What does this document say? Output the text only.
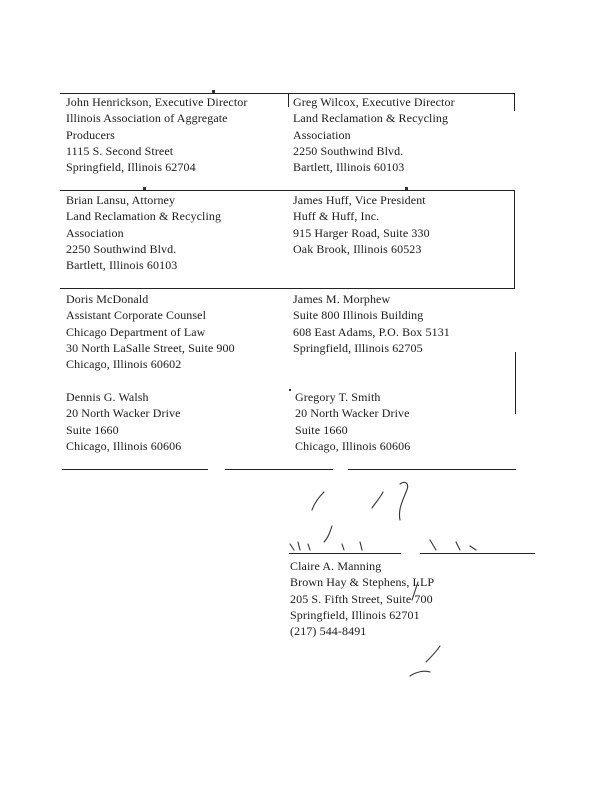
John Henrickson, Executive Director
Illinois Association of Aggregate
Producers
1115 S. Second Street
Springfield, Illinois 62704
Greg Wilcox, Executive Director
Land Reclamation & Recycling
Association
2250 Southwind Blvd.
Bartlett, Illinois 60103
Brian Lansu, Attorney
Land Reclamation & Recycling
Association
2250 Southwind Blvd.
Bartlett, Illinois 60103
James Huff, Vice President
Huff & Huff, Inc.
915 Harger Road, Suite 330
Oak Brook, Illinois 60523
Doris McDonald
Assistant Corporate Counsel
Chicago Department of Law
30 North LaSalle Street, Suite 900
Chicago, Illinois 60602
James M. Morphew
Suite 800 Illinois Building
608 East Adams, P.O. Box 5131
Springfield, Illinois 62705
Dennis G. Walsh
20 North Wacker Drive
Suite 1660
Chicago, Illinois 60606
Gregory T. Smith
20 North Wacker Drive
Suite 1660
Chicago, Illinois 60606
Claire A. Manning
Brown Hay & Stephens, LLP
205 S. Fifth Street, Suite 700
Springfield, Illinois 62701
(217) 544-8491
